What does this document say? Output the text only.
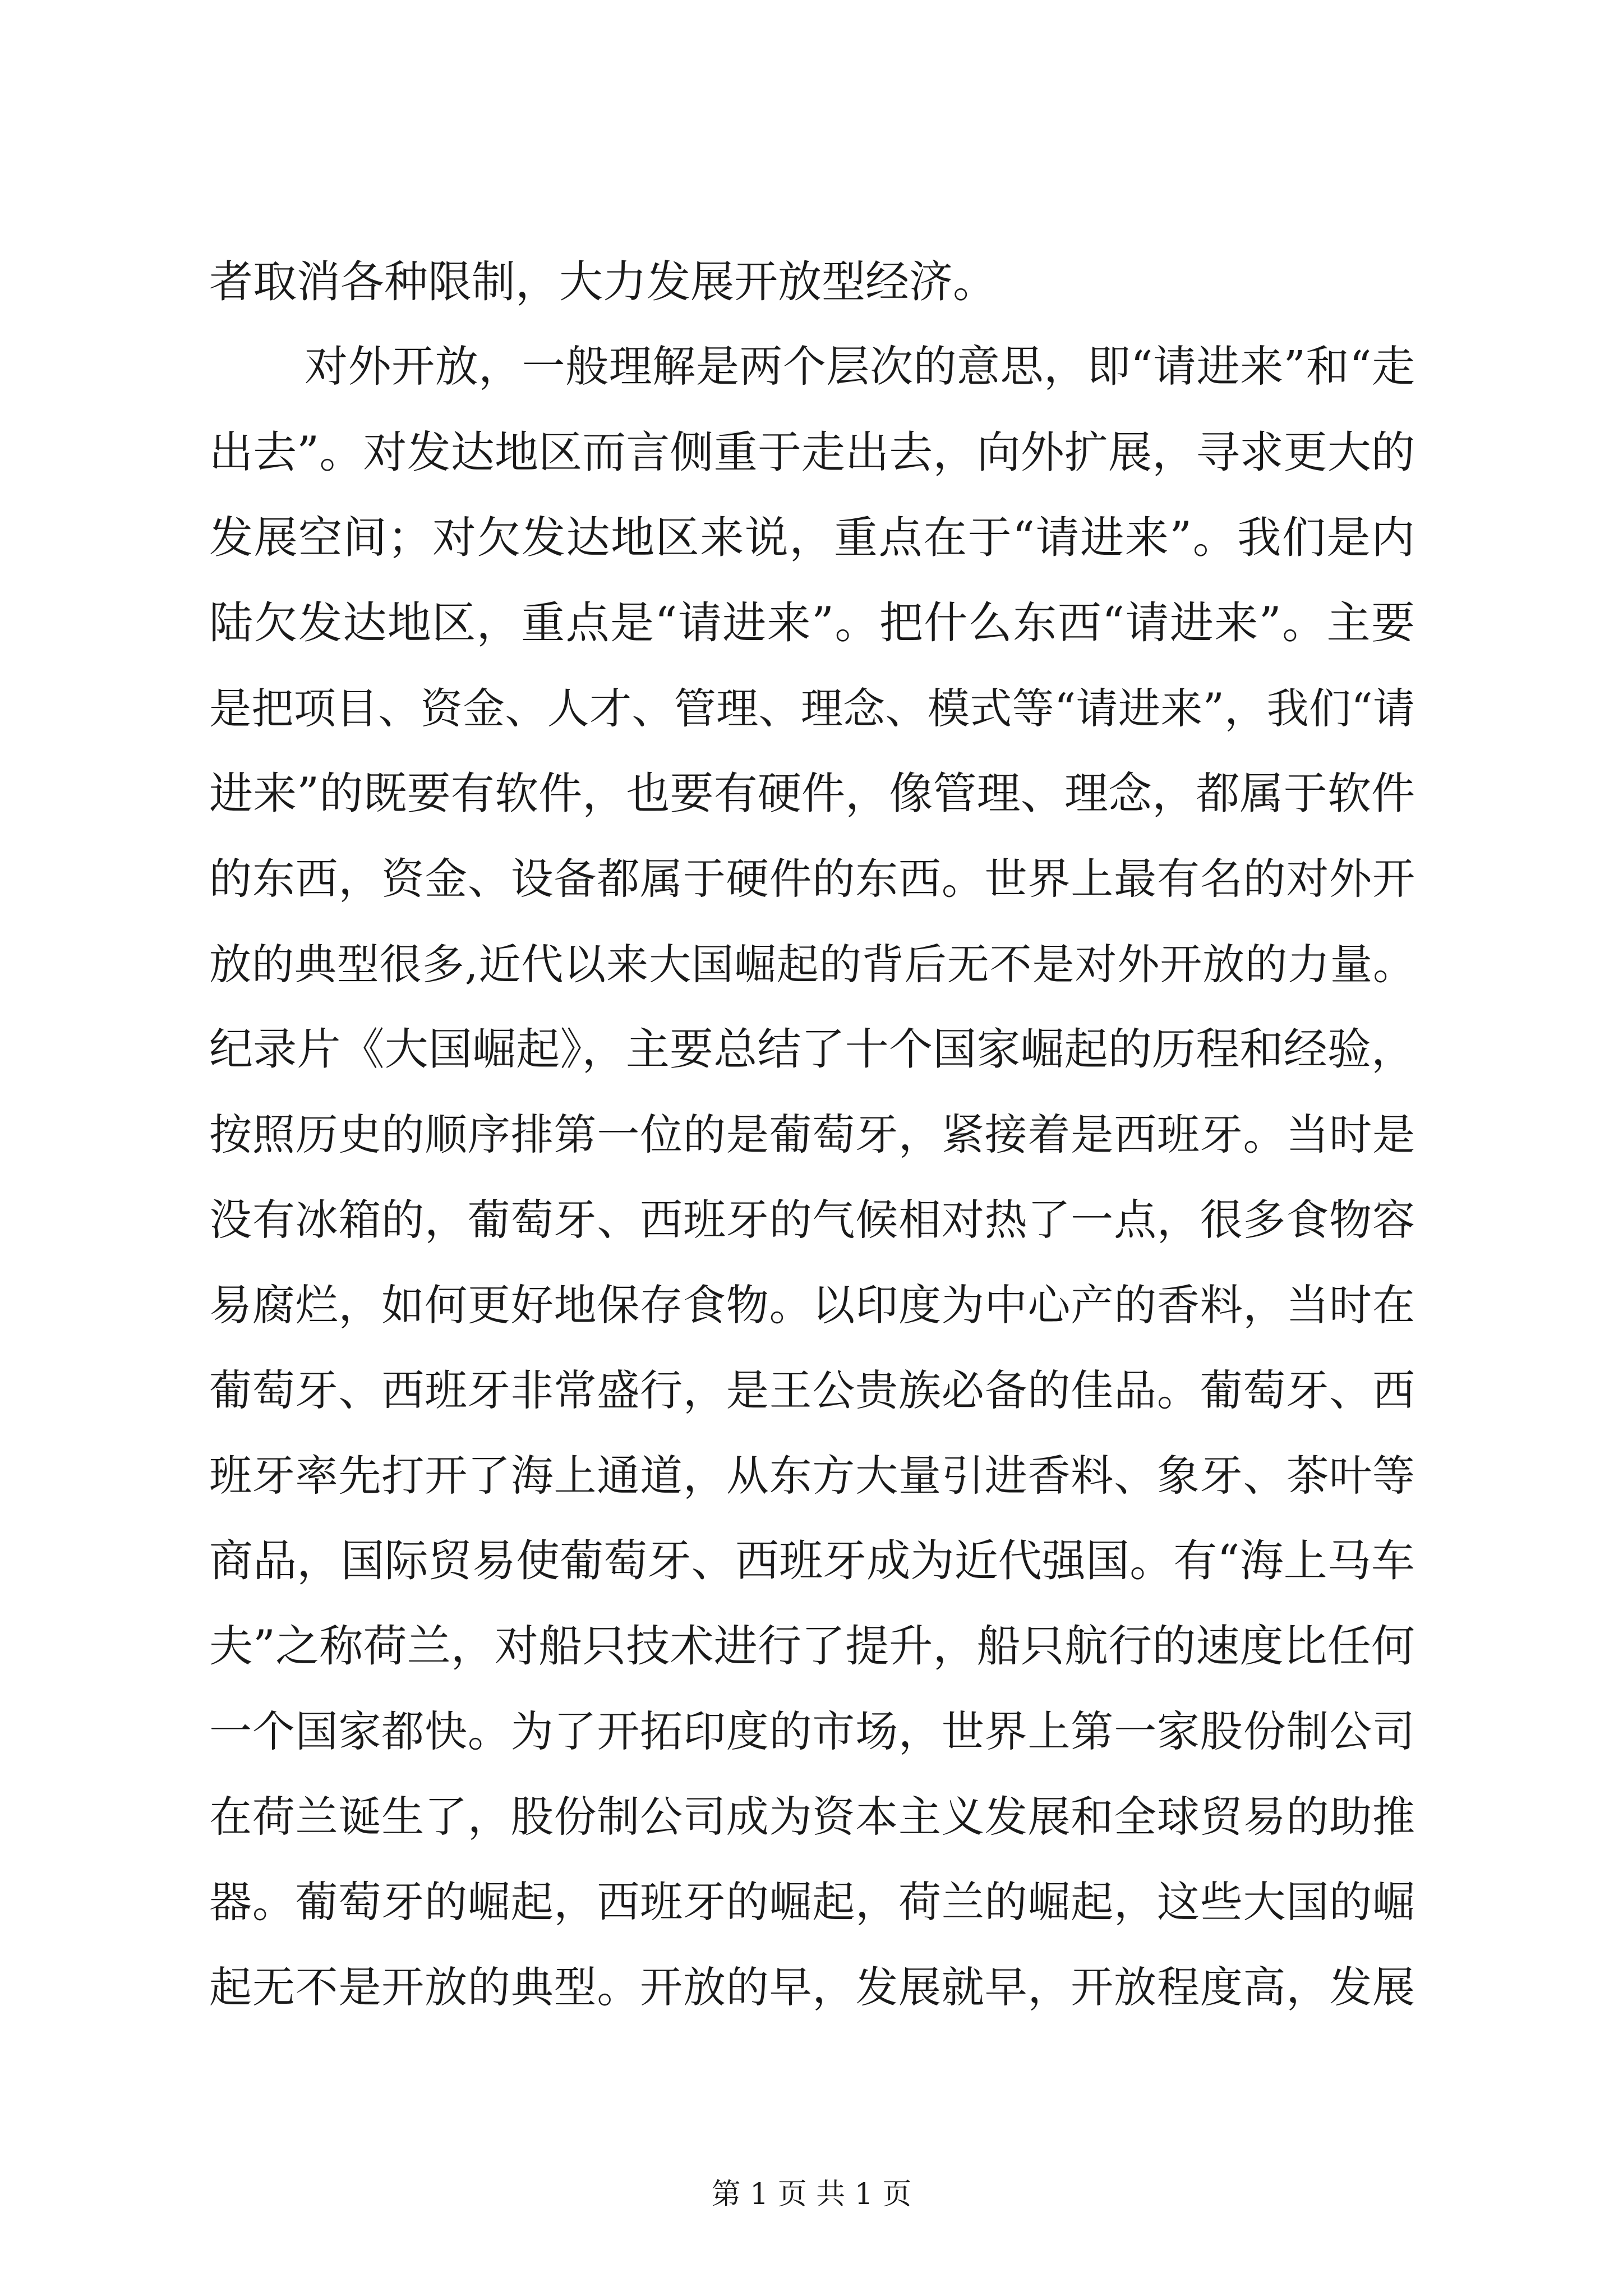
者取消各种限制，大力发展开放型经济。
对外开放，一般理解是两个层次的意思，即“请进来”和“走
出去”。对发达地区而言侧重于走出去，向外扩展，寻求更大的
发展空间；对欠发达地区来说，重点在于“请进来”。我们是内
陆欠发达地区，重点是“请进来”。把什么东西“请进来”。主要
是把项目、资金、人才、管理、理念、模式等“请进来”，我们“请
进来”的既要有软件，也要有硬件，像管理、理念，都属于软件
的东西，资金、设备都属于硬件的东西。世界上最有名的对外开
放的典型很多,近代以来大国崛起的背后无不是对外开放的力量。
纪录片《大国崛起》，主要总结了十个国家崛起的历程和经验，
按照历史的顺序排第一位的是葡萄牙，紧接着是西班牙。当时是
没有冰箱的，葡萄牙、西班牙的气候相对热了一点，很多食物容
易腐烂，如何更好地保存食物。以印度为中心产的香料，当时在
葡萄牙、西班牙非常盛行，是王公贵族必备的佳品。葡萄牙、西
班牙率先打开了海上通道，从东方大量引进香料、象牙、茶叶等
商品，国际贸易使葡萄牙、西班牙成为近代强国。有“海上马车
夫”之称荷兰，对船只技术进行了提升，船只航行的速度比任何
一个国家都快。为了开拓印度的市场，世界上第一家股份制公司
在荷兰诞生了，股份制公司成为资本主义发展和全球贸易的助推
器。葡萄牙的崛起，西班牙的崛起，荷兰的崛起，这些大国的崛
起无不是开放的典型。开放的早，发展就早，开放程度高，发展
第 1 页 共 1 页
